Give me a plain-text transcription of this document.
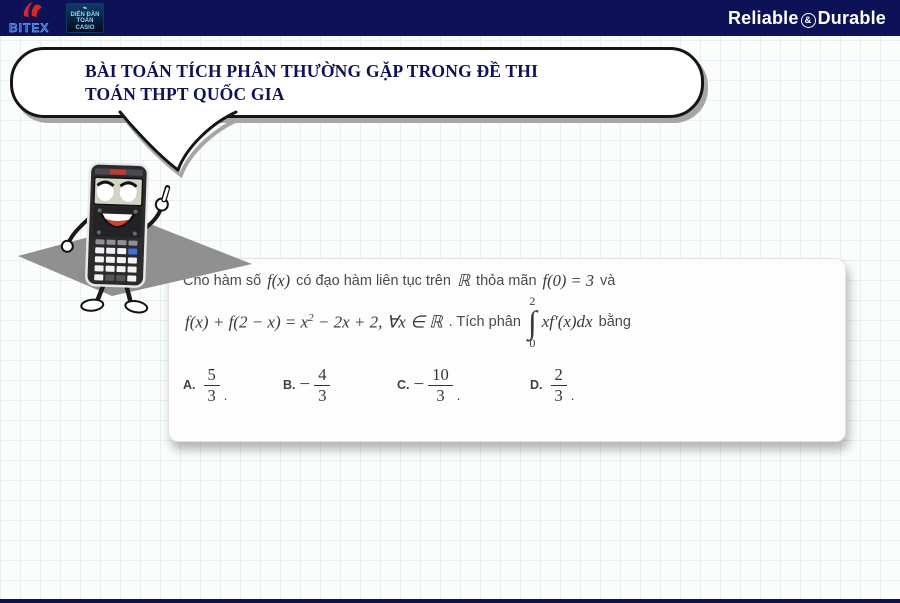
BITEX
⌁
DIỄN ĐÀN
TOÁN CASIO
Reliable & Durable
BÀI TOÁN TÍCH PHÂN THƯỜNG GẶP TRONG ĐỀ THI
TOÁN THPT QUỐC GIA
Cho hàm số f(x) có đạo hàm liên tục trên ℝ thỏa mãn f(0) = 3 và
$f(x) + f(2 - x) = x^2 - 2x + 2$, ∀x ∈ ℝ . Tích phân
2
∫
0
xf′(x)dx bằng
A. $\frac{5}{3}$ .
B. − $\frac{4}{3}$	C. − $\frac{10}{3}$ .
D. $\frac{2}{3}$ .
